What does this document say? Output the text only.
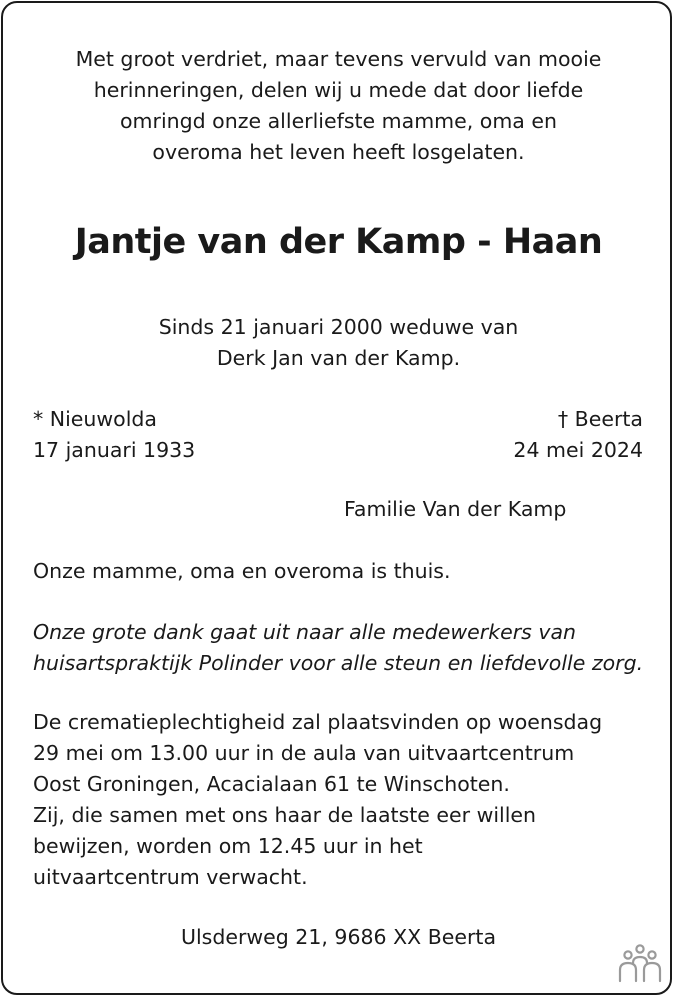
Met groot verdriet, maar tevens vervuld van mooie
herinneringen, delen wij u mede dat door liefde
omringd onze allerliefste mamme, oma en
overoma het leven heeft losgelaten.
Jantje van der Kamp - Haan
Sinds 21 januari 2000 weduwe van
Derk Jan van der Kamp.
* Nieuwolda
17 januari 1933
† Beerta
24 mei 2024
Familie Van der Kamp
Onze mamme, oma en overoma is thuis.
Onze grote dank gaat uit naar alle medewerkers van
huisartspraktijk Polinder voor alle steun en liefdevolle zorg.
De crematieplechtigheid zal plaatsvinden op woensdag
29 mei om 13.00 uur in de aula van uitvaartcentrum
Oost Groningen, Acacialaan 61 te Winschoten.
Zij, die samen met ons haar de laatste eer willen
bewijzen, worden om 12.45 uur in het
uitvaartcentrum verwacht.
Ulsderweg 21, 9686 XX Beerta
